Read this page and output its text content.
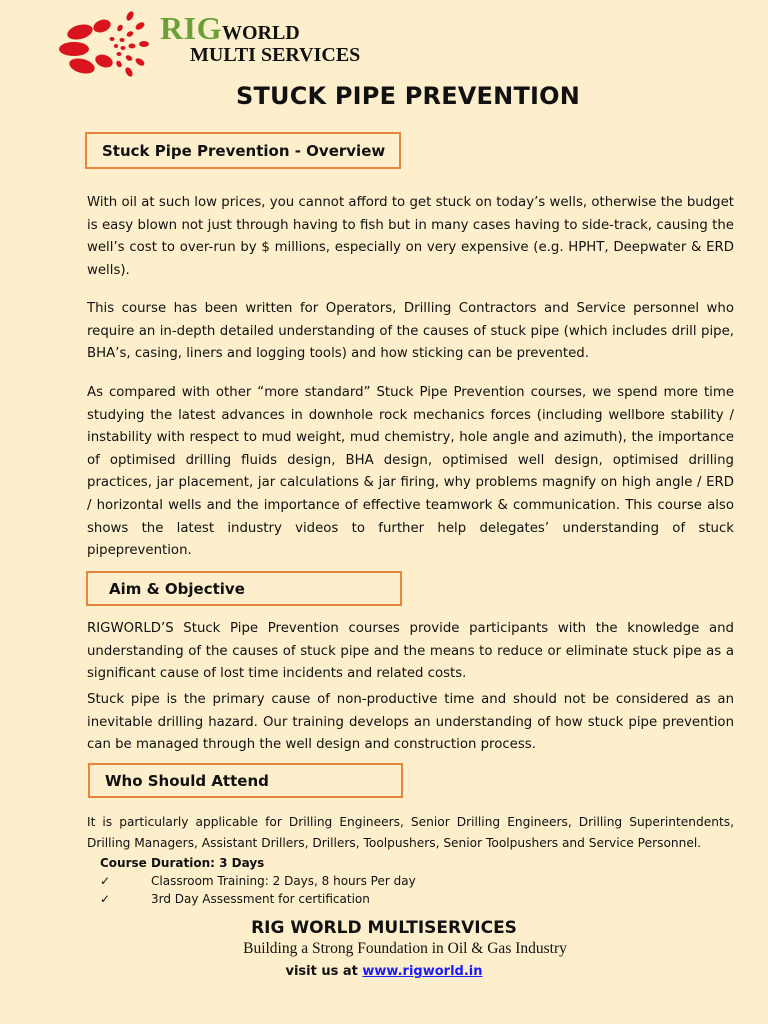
RIGWORLD
MULTI SERVICES
STUCK PIPE PREVENTION
Stuck Pipe Prevention - Overview

With oil at such low prices, you cannot afford to get stuck on today’s wells, otherwise the budget is easy blown not just through having to fish but in many cases having to side-track, causing the well’s cost to over-run by $ millions, especially on very expensive (e.g. HPHT, Deepwater & ERD wells).

This course has been written for Operators, Drilling Contractors and Service personnel who require an in-depth detailed understanding of the causes of stuck pipe (which includes drill pipe, BHA’s, casing, liners and logging tools) and how sticking can be prevented.

As compared with other “more standard” Stuck Pipe Prevention courses, we spend more time studying the latest advances in downhole rock mechanics forces (including wellbore stability / instability with respect to mud weight, mud chemistry, hole angle and azimuth), the importance of optimised drilling fluids design, BHA design, optimised well design, optimised drilling practices, jar placement, jar calculations & jar firing, why problems magnify on high angle / ERD / horizontal wells and the importance of effective teamwork & communication. This course also shows the latest industry videos to further help delegates’ understanding of stuck pipeprevention.

Aim & Objective

RIGWORLD’S Stuck Pipe Prevention courses provide participants with the knowledge and understanding of the causes of stuck pipe and the means to reduce or eliminate stuck pipe as a significant cause of lost time incidents and related costs.

Stuck pipe is the primary cause of non-productive time and should not be considered as an inevitable drilling hazard. Our training develops an understanding of how stuck pipe prevention can be managed through the well design and construction process.

Who Should Attend

It is particularly applicable for Drilling Engineers, Senior Drilling Engineers, Drilling Superintendents, Drilling Managers, Assistant Drillers, Drillers, Toolpushers, Senior Toolpushers and Service Personnel.

Course Duration: 3 Days
✓	Classroom Training: 2 Days, 8 hours Per day
✓	3rd Day Assessment for certification
RIG WORLD MULTISERVICES
Building a Strong Foundation in Oil & Gas Industry
visit us at www.rigworld.in
